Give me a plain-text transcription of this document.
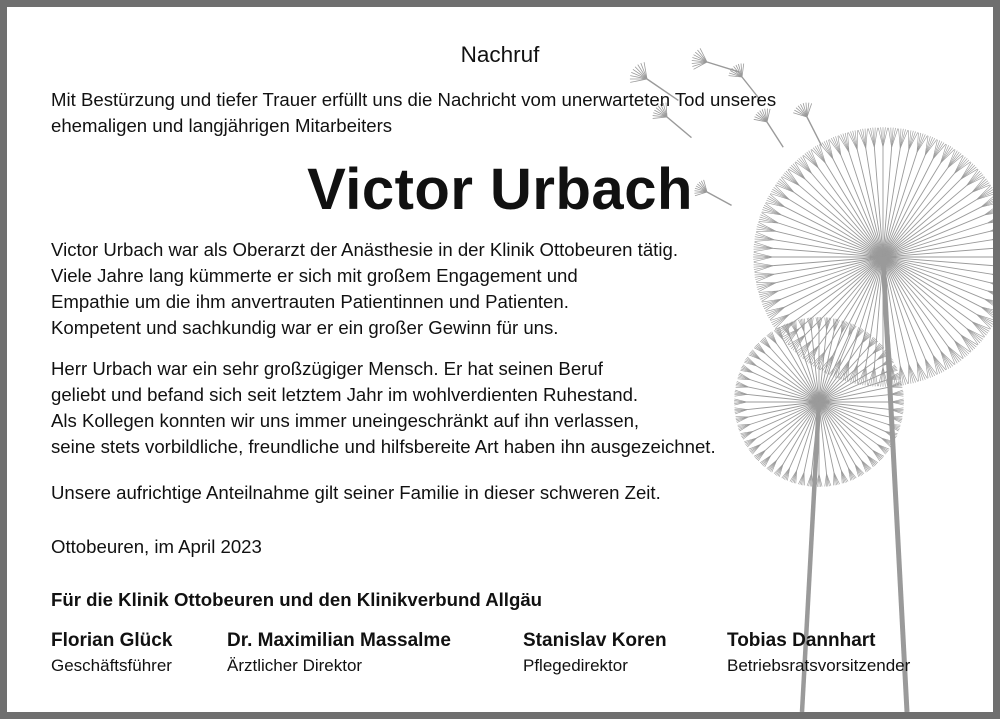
Nachruf
Mit Bestürzung und tiefer Trauer erfüllt uns die Nachricht vom unerwarteten Tod unseres
ehemaligen und langjährigen Mitarbeiters
Victor Urbach
Victor Urbach war als Oberarzt der Anästhesie in der Klinik Ottobeuren tätig.
Viele Jahre lang kümmerte er sich mit großem Engagement und
Empathie um die ihm anvertrauten Patientinnen und Patienten.
Kompetent und sachkundig war er ein großer Gewinn für uns.
Herr Urbach war ein sehr großzügiger Mensch. Er hat seinen Beruf
geliebt und befand sich seit letztem Jahr im wohlverdienten Ruhestand.
Als Kollegen konnten wir uns immer uneingeschränkt auf ihn verlassen,
seine stets vorbildliche, freundliche und hilfsbereite Art haben ihn ausgezeichnet.
Unsere aufrichtige Anteilnahme gilt seiner Familie in dieser schweren Zeit.
Ottobeuren, im April 2023
Für die Klinik Ottobeuren und den Klinikverbund Allgäu
Florian Glück
Geschäftsführer
Dr. Maximilian Massalme
Ärztlicher Direktor
Stanislav Koren
Pflegedirektor
Tobias Dannhart
Betriebsratsvorsitzender
